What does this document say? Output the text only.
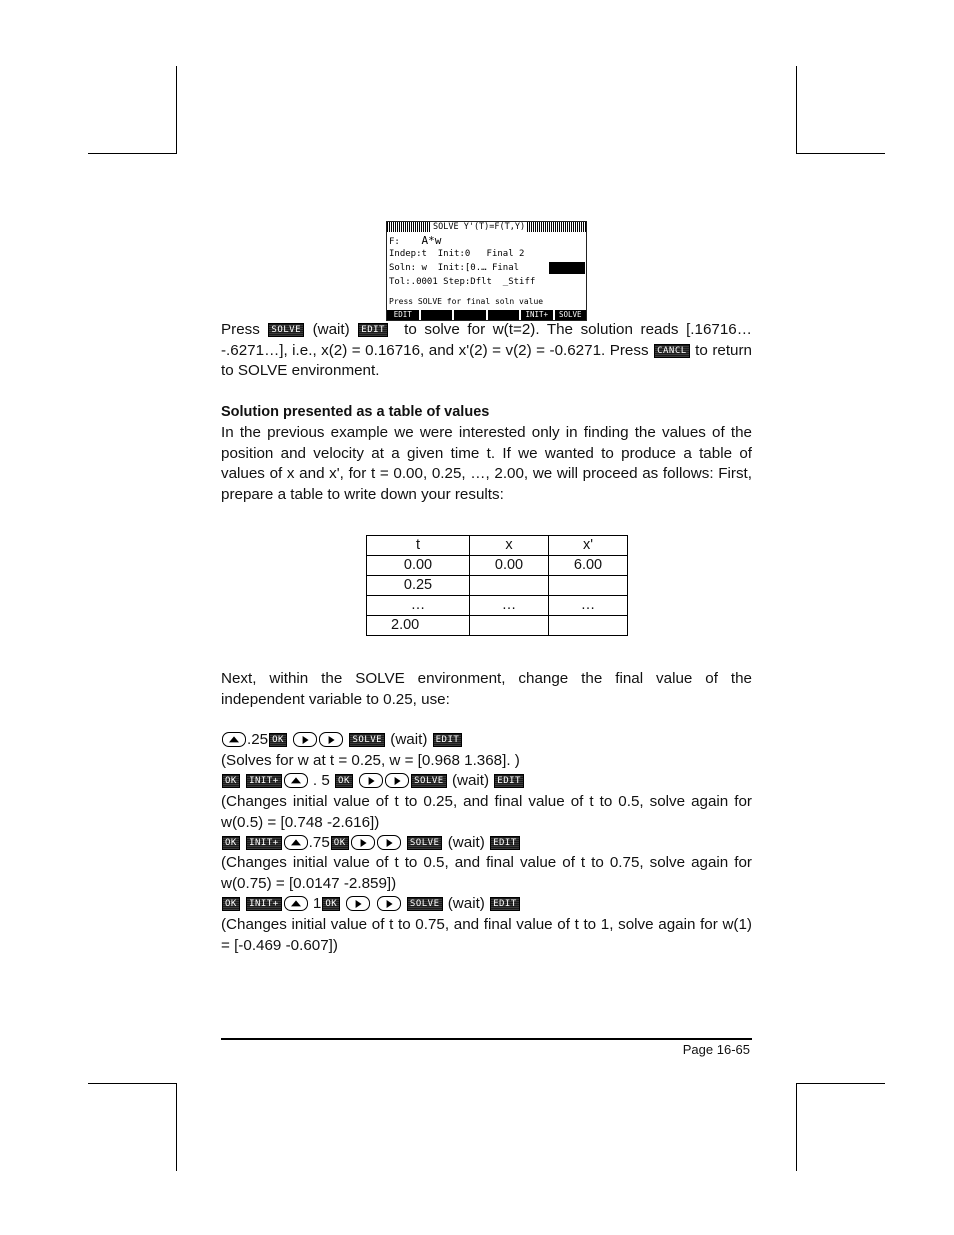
SOLVE Y'(T)=F(T,Y)
F: A*w
Indep:t  Init:0   Final 2
Soln: w  Init:[0.… Final
Tol:.0001 Step:Dflt  _Stiff
Press SOLVE for final soln value
EDIT	INIT+	SOLVE
Press SOLVE (wait) EDIT to solve for w(t=2). The solution reads [.16716… -.6271…], i.e., x(2) = 0.16716, and x'(2) = v(2) = -0.6271. Press CANCL to return to SOLVE environment.
Solution presented as a table of values
In the previous example we were interested only in finding the values of the position and velocity at a given time t. If we wanted to produce a table of values of x and x', for t = 0.00, 0.25, …, 2.00, we will proceed as follows: First, prepare a table to write down your results:
t	x	x'
0.00	0.00	6.00
0.25		
…	…	…
2.00		
Next, within the SOLVE environment, change the final value of the independent variable to 0.25, use:
.25 OK	SOLVE (wait) EDIT
(Solves for w at t = 0.25, w = [0.968 1.368]. )
OK INIT+ . 5 OK	SOLVE (wait) EDIT
(Changes initial value of t to 0.25, and final value of t to 0.5, solve again for w(0.5) = [0.748 -2.616])
OK INIT+ .75 OK	SOLVE (wait) EDIT
(Changes initial value of t to 0.5, and final value of t to 0.75, solve again for w(0.75) = [0.0147 -2.859])
OK INIT+ 1 OK	SOLVE (wait) EDIT
(Changes initial value of t to 0.75, and final value of t to 1, solve again for w(1) = [-0.469 -0.607])
Page 16-65
